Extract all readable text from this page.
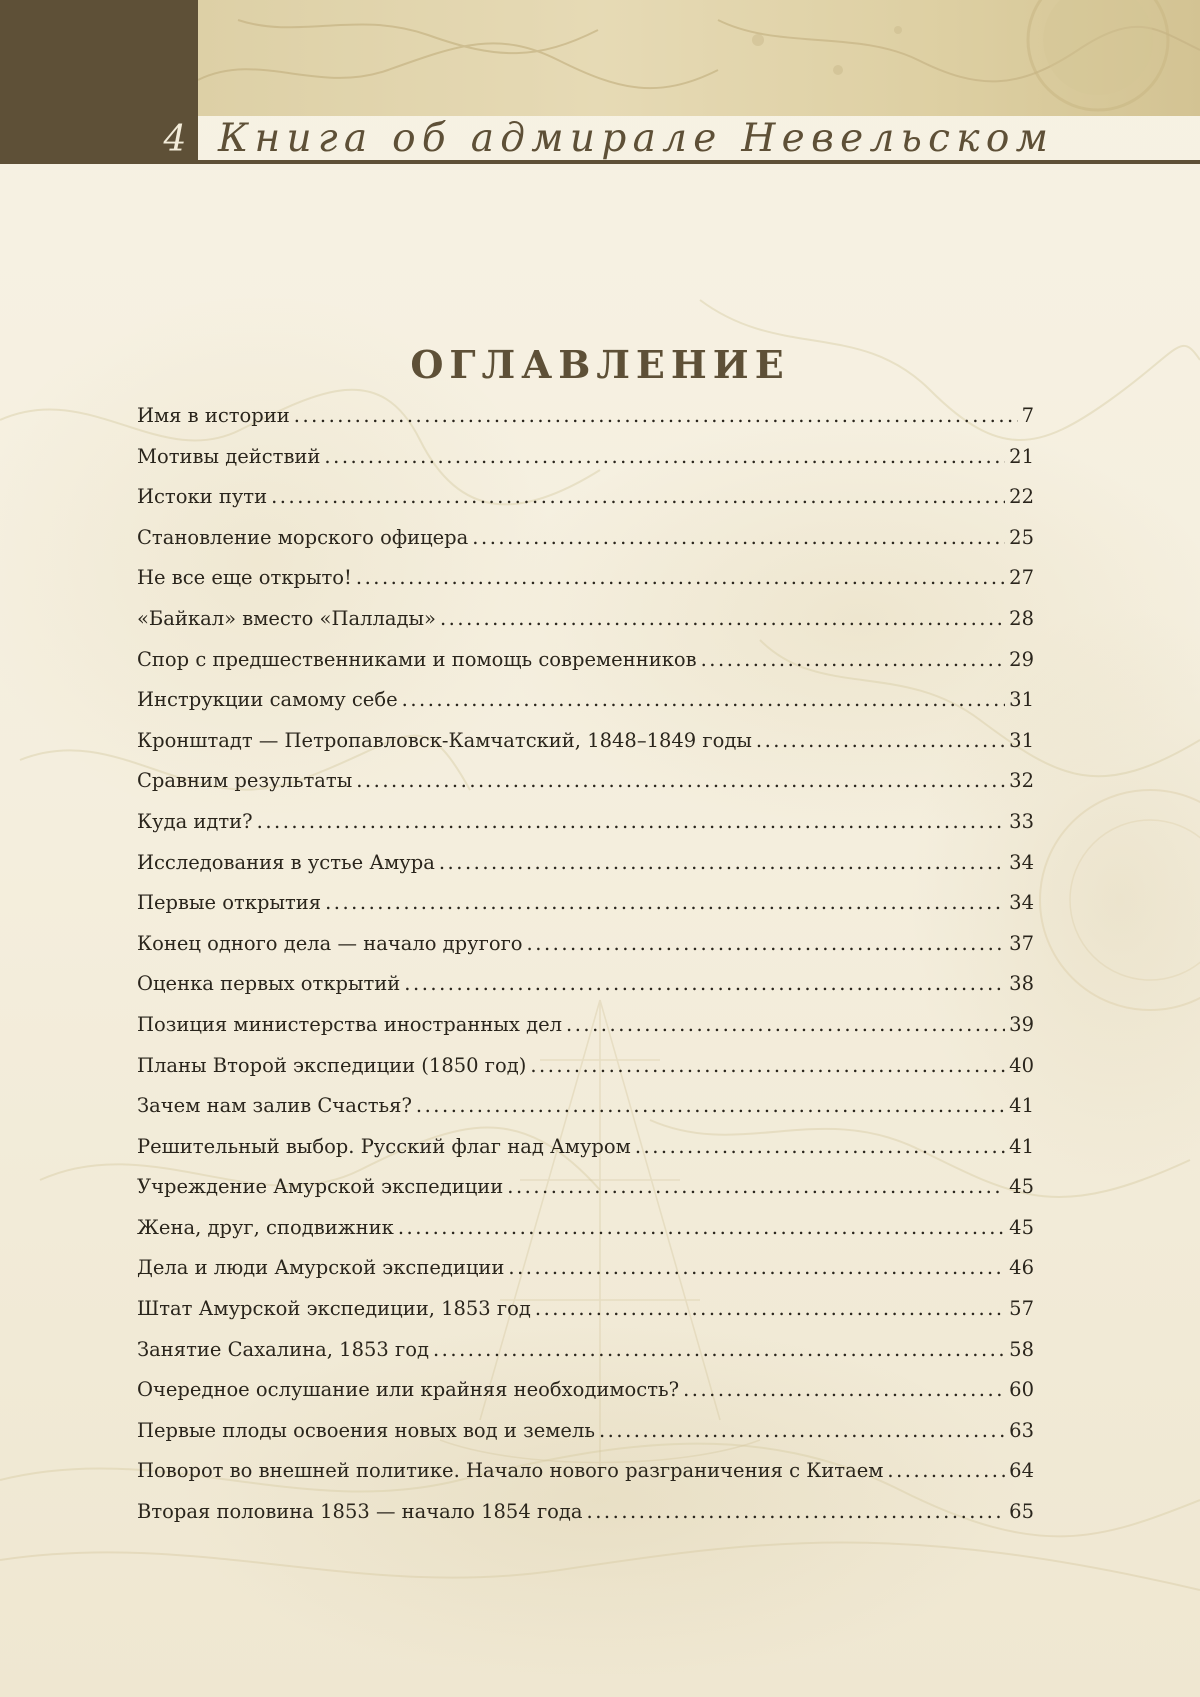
4 Книга об адмирале Невельском
ОГЛАВЛЕНИЕ
Имя в истории .....	7
Мотивы действий .....	21
Истоки пути .....	22
Становление морского офицера .....	25
Не все еще открыто! .....	27
«Байкал» вместо «Паллады» .....	28
Спор с предшественниками и помощь современников .....	29
Инструкции самому себе .....	31
Кронштадт — Петропавловск-Камчатский, 1848–1849 годы .....	31
Сравним результаты .....	32
Куда идти? .....	33
Исследования в устье Амура .....	34
Первые открытия .....	34
Конец одного дела — начало другого .....	37
Оценка первых открытий .....	38
Позиция министерства иностранных дел .....	39
Планы Второй экспедиции (1850 год) .....	40
Зачем нам залив Счастья? .....	41
Решительный выбор. Русский флаг над Амуром .....	41
Учреждение Амурской экспедиции .....	45
Жена, друг, сподвижник .....	45
Дела и люди Амурской экспедиции .....	46
Штат Амурской экспедиции, 1853 год .....	57
Занятие Сахалина, 1853 год .....	58
Очередное ослушание или крайняя необходимость? .....	60
Первые плоды освоения новых вод и земель .....	63
Поворот во внешней политике. Начало нового разграничения с Китаем .....	64
Вторая половина 1853 — начало 1854 года .....	65
